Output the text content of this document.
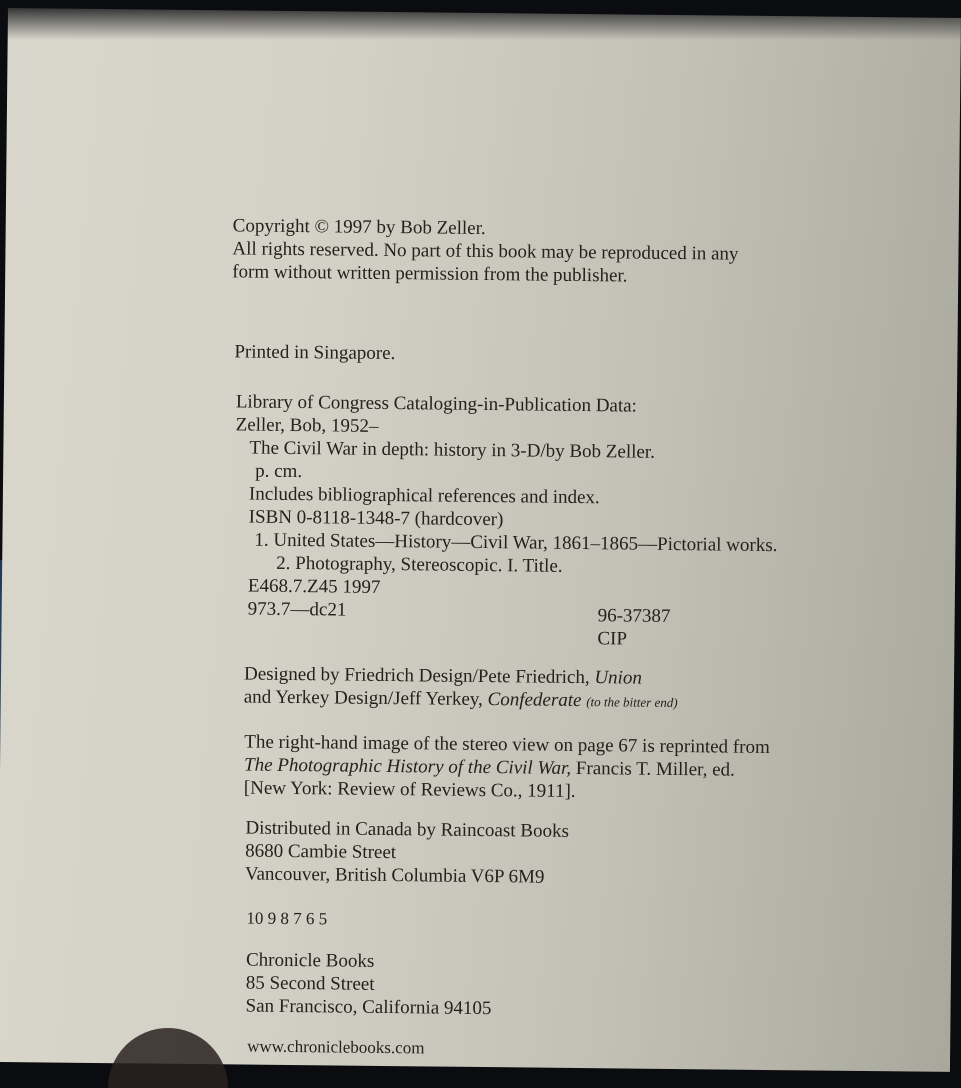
Copyright © 1997 by Bob Zeller.
All rights reserved. No part of this book may be reproduced in any
form without written permission from the publisher.
Printed in Singapore.
Library of Congress Cataloging-in-Publication Data:
Zeller, Bob, 1952–
The Civil War in depth: history in 3-D/by Bob Zeller.
p. cm.
Includes bibliographical references and index.
ISBN 0-8118-1348-7 (hardcover)
1. United States—History—Civil War, 1861–1865—Pictorial works.
2. Photography, Stereoscopic. I. Title.
E468.7.Z45 1997
973.7—dc21	96-37387
CIP
Designed by Friedrich Design/Pete Friedrich, Union
and Yerkey Design/Jeff Yerkey, Confederate (to the bitter end)
The right-hand image of the stereo view on page 67 is reprinted from
The Photographic History of the Civil War, Francis T. Miller, ed.
[New York: Review of Reviews Co., 1911].
Distributed in Canada by Raincoast Books
8680 Cambie Street
Vancouver, British Columbia V6P 6M9
10 9 8 7 6 5
Chronicle Books
85 Second Street
San Francisco, California 94105
www.chroniclebooks.com
